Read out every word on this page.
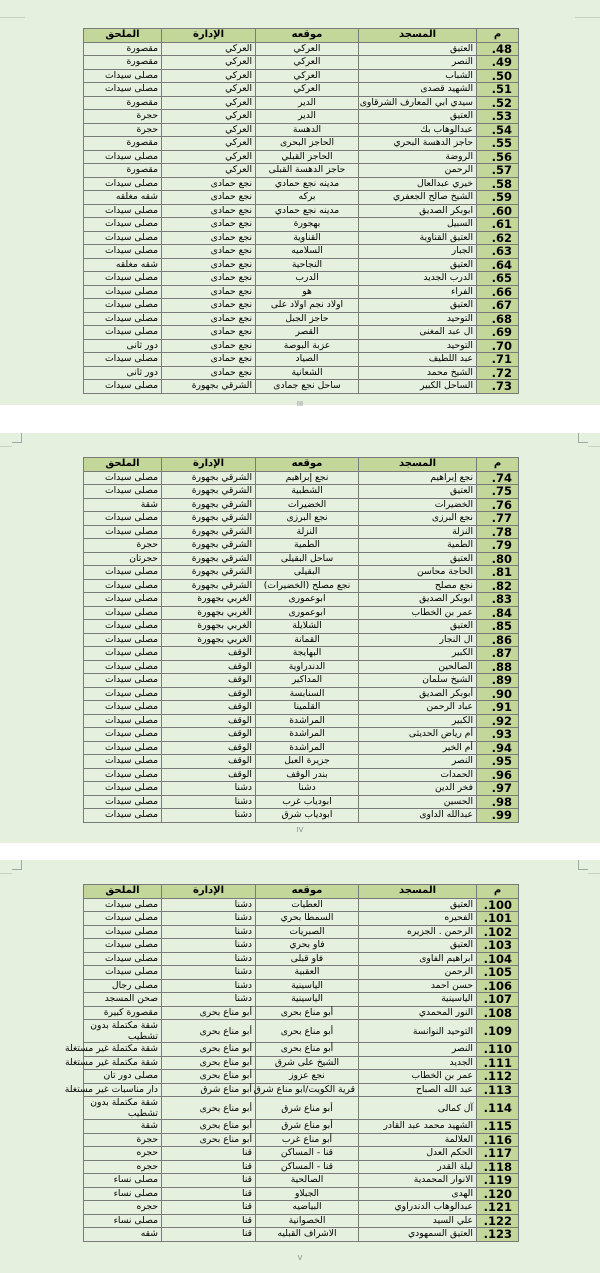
م	المسجد	موقعه	الإدارة	الملحق
.48	العتيق	العركي	العركي	مقصورة
.49	النصر	العركي	العركي	مقصورة
.50	الشباب	العركي	العركي	مصلى سيدات
.51	الشهيد قصدى	العركي	العركي	مصلى سيدات
.52	سيدي ابي المعارف الشرقاوى	الدير	العركي	مقصورة
.53	العتيق	الدير	العركي	حجرة
.54	عبدالوهاب بك	الدهسة	العركي	حجرة
.55	حاجز الدهسة البحري	الحاجز البحرى	العركي	مقصورة
.56	الروضة	الحاجز القبلي	العركي	مصلى سيدات
.57	الرحمن	حاجز الدهسة القبلى	العركي	مقصورة
.58	خيري عبدالعال	مدينه نجع حمادي	نجع حمادى	مصلى سيدات
.59	الشيخ صالح الجعفري	بركه	نجع حمادى	شقه مغلقه
.60	ابوبكر الصديق	مدينه نجع حمادي	نجع حمادى	مصلى سيدات
.61	السبيل	بهجورة	نجع حمادى	مصلى سيدات
.62	العتيق القناوية	القناوية	نجع حمادى	مصلى سيدات
.63	الجبار	السلاميه	نجع حمادى	مصلى سيدات
.64	العتيق	النجاحية	نجع حمادى	شقه مغلقه
.65	الدرب الجديد	الدرب	نجع حمادى	مصلى سيدات
.66	الفراء	هو	نجع حمادى	مصلى سيدات
.67	العتيق	اولاد نجم اولاد على	نجع حمادى	مصلى سيدات
.68	التوحيد	حاجز الجبل	نجع حمادى	مصلى سيدات
.69	ال عبد المغنى	القصر	نجع حمادى	مصلى سيدات
.70	التوحيد	عزبة البوصة	نجع حمادى	دور ثانى
.71	عبد اللطيف	الصياد	نجع حمادى	مصلى سيدات
.72	الشيخ محمد	الشعانية	نجع حمادى	دور ثانى
.73	الساحل الكبير	ساحل نجع جمادى	الشرقي بجهورة	مصلى سيدات
III
م	المسجد	موقعه	الإدارة	الملحق
.74	نجع إبراهيم	نجع إبراهيم	الشرقي بجهورة	مصلى سيدات
.75	العتيق	الشطبية	الشرقي بجهورة	مصلى سيدات
.76	الخضيرات	الخضيرات	الشرقي بجهورة	شقة
.77	نجع البرزى	نجع البرزى	الشرقي بجهورة	مصلى سيدات
.78	النزلة	النزلة	الشرقي بجهورة	مصلى سيدات
.79	الطمية	الطمية	الشرقي بجهورة	حجرة
.80	العتيق	ساحل البقيلى	الشرقي بجهورة	حجرتان
.81	الحاجة محاسن	البقيلى	الشرقي بجهورة	مصلى سيدات
.82	نجع مصلح	نجع مصلح (الخضيرات)	الشرقي بجهورة	مصلى سيدات
.83	ابوبكر الصديق	ابوعمورى	الغربي بجهورة	مصلى سيدات
.84	عمر بن الخطاب	ابوعمورى	الغربي بجهورة	مصلى سيدات
.85	العتيق	الشلايلة	الغربي بجهورة	مصلى سيدات
.86	ال النجار	القمانة	الغربي بجهورة	مصلى سيدات
.87	الكبير	البهايجة	الوقف	مصلى سيدات
.88	الصالحين	الدندراوية	الوقف	مصلى سيدات
.89	الشيخ سلمان	المداكير	الوقف	مصلى سيدات
.90	أبوبكر الصديق	السنابسة	الوقف	مصلى سيدات
.91	عباد الرحمن	القلمينا	الوقف	مصلى سيدات
.92	الكبير	المراشدة	الوقف	مصلى سيدات
.93	أم رياض الحديثى	المراشدة	الوقف	مصلى سيدات
.94	أم الخير	المراشدة	الوقف	مصلى سيدات
.95	النصر	جزيرة العبل	الوقف	مصلى سيدات
.96	الحمدات	بندر الوقف	الوقف	مصلى سيدات
.97	فخر الدين	دشنا	دشنا	مصلى سيدات
.98	الحسين	ابودياب غرب	دشنا	مصلى سيدات
.99	عبدالله الداوى	ابودياب شرق	دشنا	مصلى سيدات
IV
م	المسجد	موقعه	الإدارة	الملحق
.100	العتيق	العطيات	دشنا	مصلى سيدات
.101	الفحيره	السمطا بحري	دشنا	مصلى سيدات
.102	الرحمن . الجزيره	الصبريات	دشنا	مصلى سيدات
.103	العتيق	فاو بحري	دشنا	مصلى سيدات
.104	ابراهيم الفاوى	فاو قبلى	دشنا	مصلى سيدات
.105	الرحمن	العقبية	دشنا	مصلى سيدات
.106	حسن احمد	الياسينية	دشنا	مصلى رجال
.107	الياسينية	الياسينية	دشنا	صحن المسجد
.108	النور المحمدي	أبو مناع بحرى	أبو مناع بحرى	مقصورة كبيرة
.109	التوحيد النوانسة	أبو مناع بحرى	أبو مناع بحرى	شقة مكتملة بدون تشطيب
.110	النصر	أبو مناع بحرى	أبو مناع بحرى	شقة مكتملة غير مستغلة
.111	الجديد	الشيخ على شرق	أبو مناع بحرى	شقة مكتملة غير مستغلة
.112	عمر بن الخطاب	نجع عزوز	أبو مناع بحرى	مصلى دور تان
.113	عبد الله الصباح	قرية الكويت/ابو مناع شرق	أبو مناع شرق	دار مناسبات غير مستغلة
.114	آل كمالى	أبو مناع شرق	أبو مناع بحرى	شقة مكتملة بدون تشطيب
.115	الشهيد محمد عبد القادر	أبو مناع شرق	أبو مناع بحرى	شقة
.116	العلالمة	أبو مناع غرب	أبو مناع بحرى	حجرة
.117	الحكم العدل	قنا - المساكن	قنا	حجره
.118	ليلة القدر	قنا - المساكن	قنا	حجره
.119	الانوار المحمدية	الصالحية	قنا	مصلى نساء
.120	الهدى	الجبلاو	قنا	مصلى نساء
.121	عبدالوهاب الدندراوي	البياضيه	قنا	حجره
.122	علي السيد	الخصوانية	قنا	مصلى نساء
.123	العتيق السمهودي	الاشراف القبليه	قنا	شقه
V
